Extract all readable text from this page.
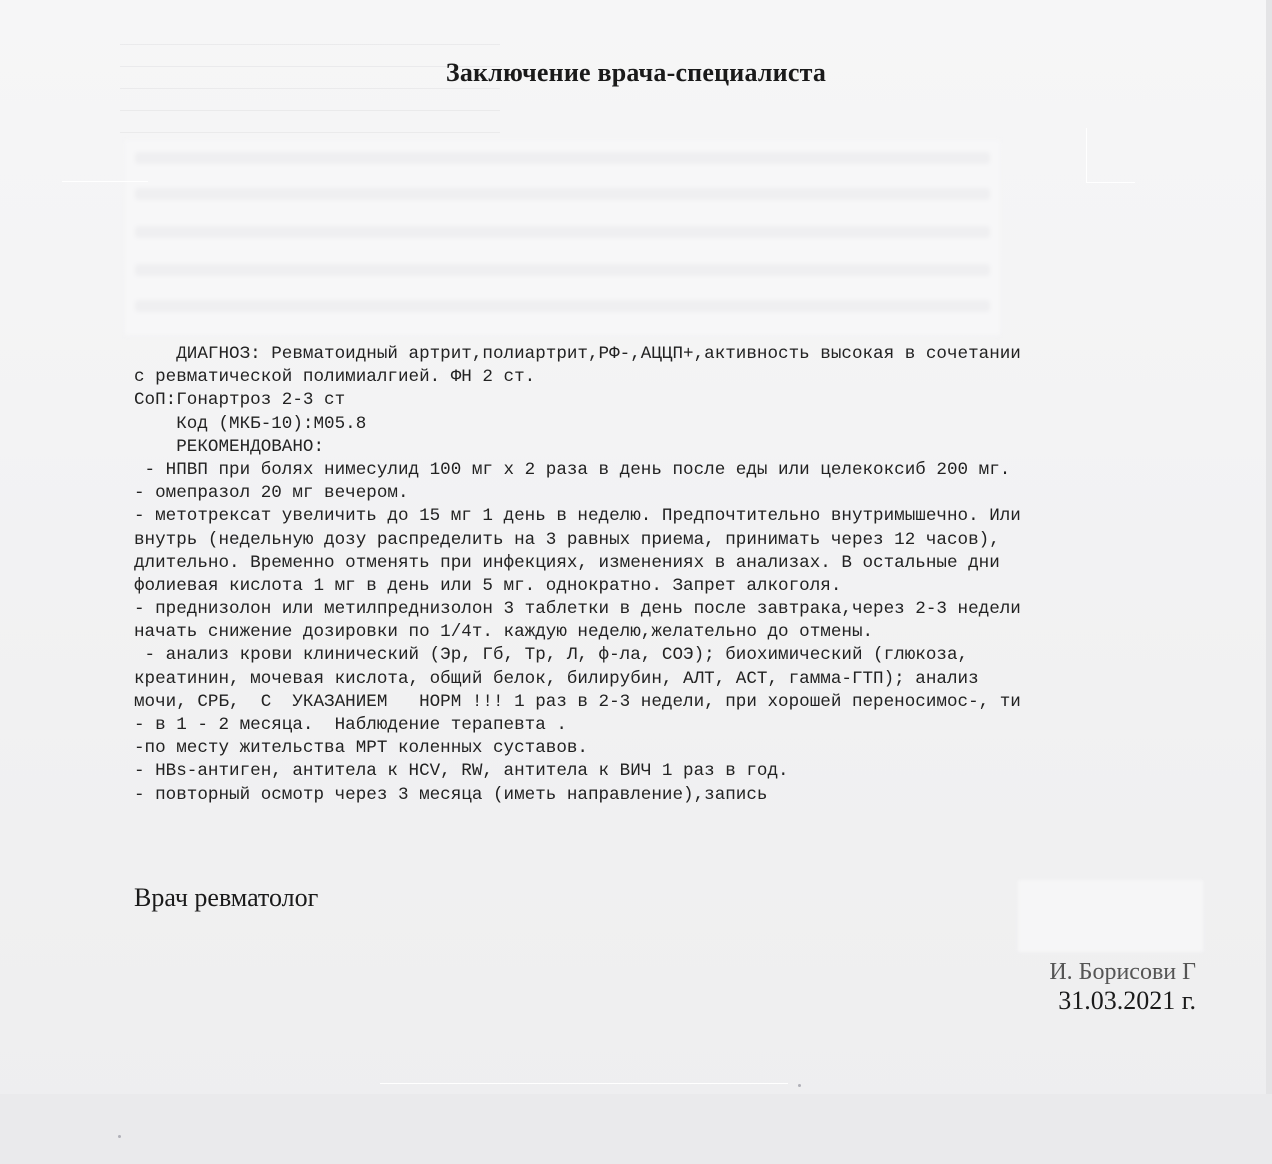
Заключение врача-специалиста
ДИАГНОЗ: Ревматоидный артрит,полиартрит,РФ-,АЦЦП+,активность высокая в сочетании
с ревматической полимиалгией. ФН 2 ст.
СоП:Гонартроз 2-3 ст
Код (МКБ-10):М05.8
РЕКОМЕНДОВАНО:
- НПВП при болях нимесулид 100 мг х 2 раза в день после еды или целекоксиб 200 мг.
- омепразол 20 мг вечером.
- метотрексат увеличить до 15 мг 1 день в неделю. Предпочтительно внутримышечно. Или
внутрь (недельную дозу распределить на 3 равных приема, принимать через 12 часов),
длительно. Временно отменять при инфекциях, изменениях в анализах. В остальные дни
фолиевая кислота 1 мг в день или 5 мг. однократно. Запрет алкоголя.
- преднизолон или метилпреднизолон 3 таблетки в день после завтрака,через 2-3 недели
начать снижение дозировки по 1/4т. каждую неделю,желательно до отмены.
- анализ крови клинический (Эр, Гб, Тр, Л, ф-ла, СОЭ); биохимический (глюкоза,
креатинин, мочевая кислота, общий белок, билирубин, АЛТ, АСТ, гамма-ГТП); анализ
мочи, СРБ,  С  УКАЗАНИЕМ   НОРМ !!! 1 раз в 2-3 недели, при хорошей переносимос-, ти
- в 1 - 2 месяца.  Наблюдение терапевта .
-по месту жительства МРТ коленных суставов.
- HBs-антиген, антитела к HCV, RW, антитела к ВИЧ 1 раз в год.
- повторный осмотр через 3 месяца (иметь направление),запись
Врач ревматолог
И. Борисови Г
31.03.2021 г.
